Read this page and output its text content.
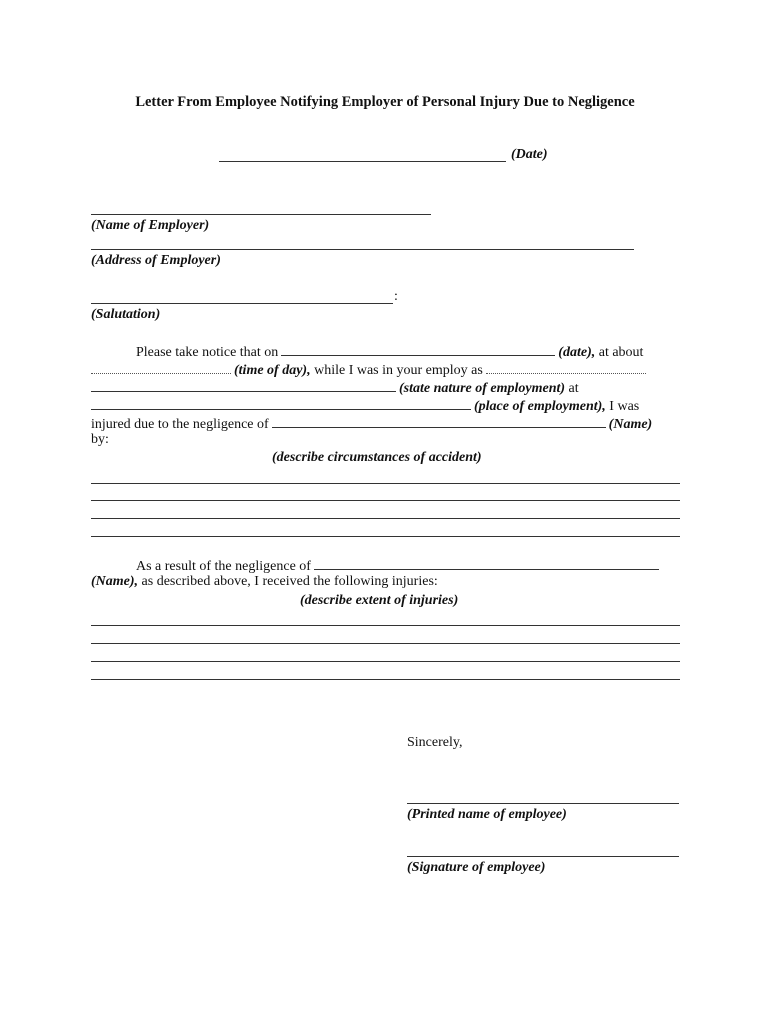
Letter From Employee Notifying Employer of Personal Injury Due to Negligence
(Date)
(Name of Employer)
(Address of Employer)
:
(Salutation)
Please take notice that on	(date), at about
(time of day), while I was in your employ as
(state nature of employment) at
(place of employment), I was
injured due to the negligence of	(Name)
by:
(describe circumstances of accident)
As a result of the negligence of
(Name), as described above, I received the following injuries:
(describe extent of injuries)
Sincerely,
(Printed name of employee)
(Signature of employee)
